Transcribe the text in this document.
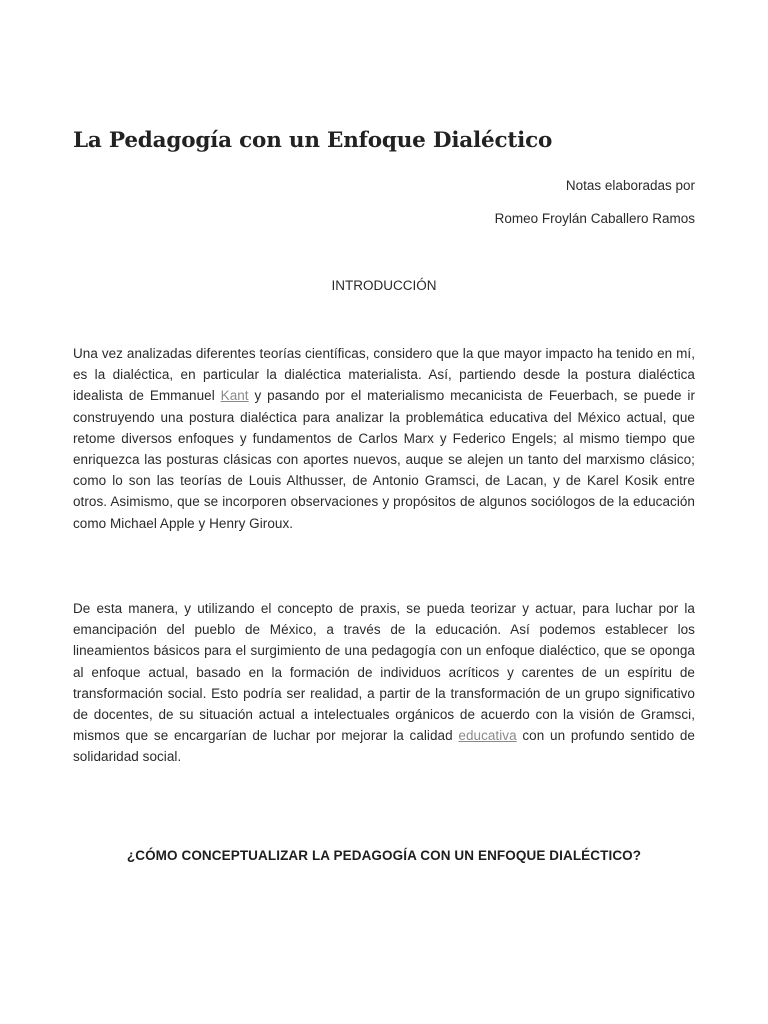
La Pedagogía con un Enfoque Dialéctico

Notas elaboradas por

Romeo Froylán Caballero Ramos

INTRODUCCIÓN

Una vez analizadas diferentes teorías científicas, considero que la que mayor impacto ha tenido en mí, es la dialéctica, en particular la dialéctica materialista. Así, partiendo desde la postura dialéctica idealista de Emmanuel Kant y pasando por el materialismo mecanicista de Feuerbach, se puede ir construyendo una postura dialéctica para analizar la problemática educativa del México actual, que retome diversos enfoques y fundamentos de Carlos Marx y Federico Engels; al mismo tiempo que enriquezca las posturas clásicas con aportes nuevos, auque se alejen un tanto del marxismo clásico; como lo son las teorías de Louis Althusser, de Antonio Gramsci, de Lacan, y de Karel Kosik entre otros. Asimismo, que se incorporen observaciones y propósitos de algunos sociólogos de la educación como Michael Apple y Henry Giroux.

De esta manera, y utilizando el concepto de praxis, se pueda teorizar y actuar, para luchar por la emancipación del pueblo de México, a través de la educación. Así podemos establecer los lineamientos básicos para el surgimiento de una pedagogía con un enfoque dialéctico, que se oponga al enfoque actual, basado en la formación de individuos acríticos y carentes de un espíritu de transformación social. Esto podría ser realidad, a partir de la transformación de un grupo significativo de docentes, de su situación actual a intelectuales orgánicos de acuerdo con la visión de Gramsci, mismos que se encargarían de luchar por mejorar la calidad educativa con un profundo sentido de solidaridad social.

¿CÓMO CONCEPTUALIZAR LA PEDAGOGÍA CON UN ENFOQUE DIALÉCTICO?
